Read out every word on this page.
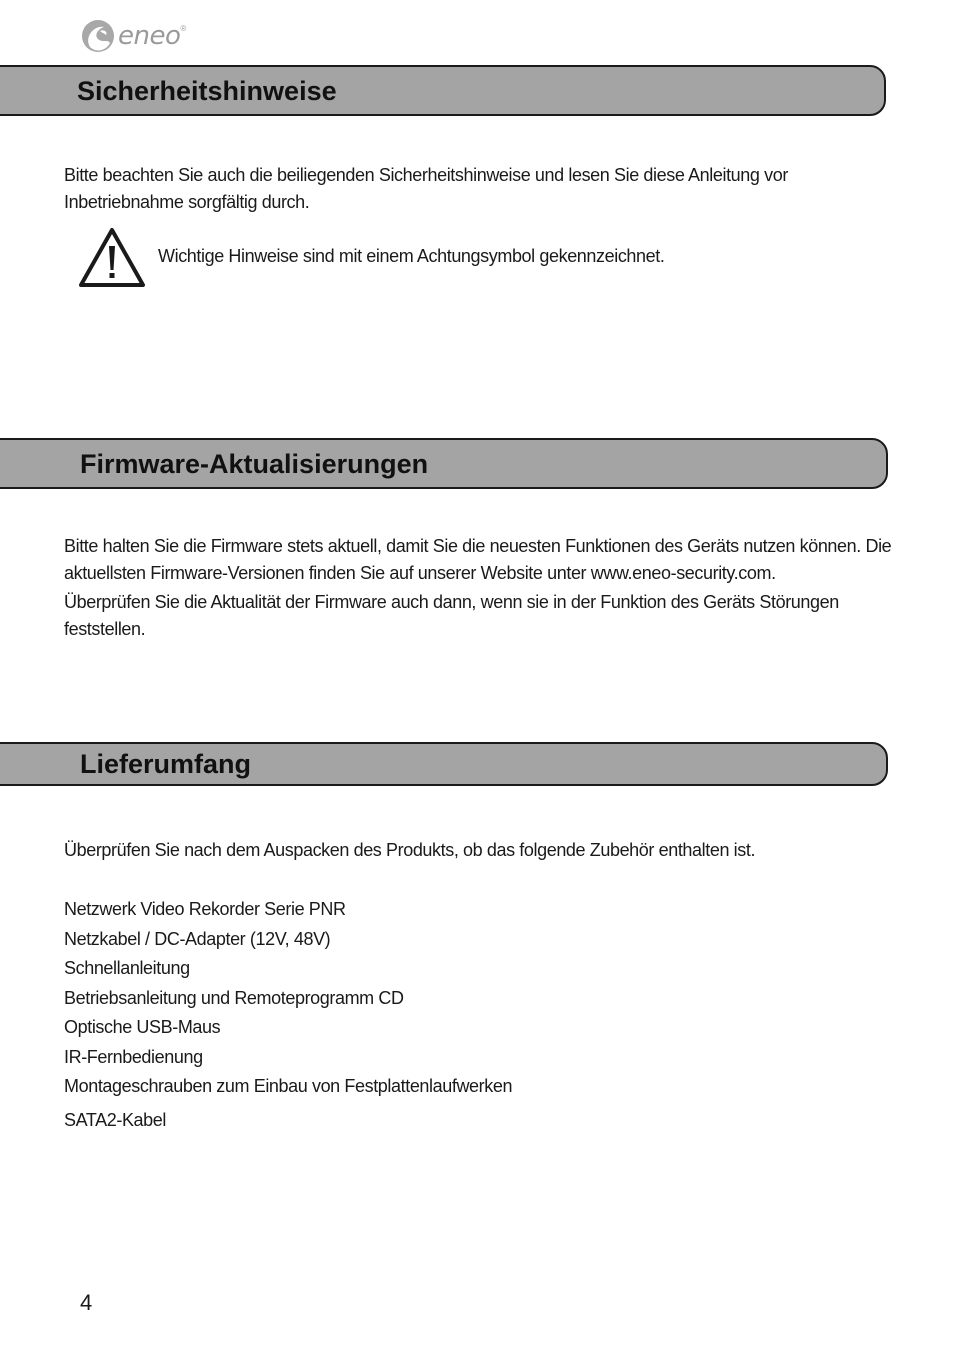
eneo ®
Sicherheitshinweise
Bitte beachten Sie auch die beiliegenden Sicherheitshinweise und lesen Sie diese Anleitung vor Inbetriebnahme sorgfältig durch.
Wichtige Hinweise sind mit einem Achtungsymbol gekennzeichnet.
Firmware-Aktualisierungen
Bitte halten Sie die Firmware stets aktuell, damit Sie die neuesten Funktionen des Geräts nutzen können. Die aktuellsten Firmware-Versionen finden Sie auf unserer Website unter www.eneo-security.com.
Überprüfen Sie die Aktualität der Firmware auch dann, wenn sie in der Funktion des Geräts Störungen feststellen.
Lieferumfang
Überprüfen Sie nach dem Auspacken des Produkts, ob das folgende Zubehör enthalten ist.
Netzwerk Video Rekorder Serie PNR
Netzkabel / DC-Adapter (12V, 48V)
Schnellanleitung
Betriebsanleitung und Remoteprogramm CD
Optische USB-Maus
IR-Fernbedienung
Montageschrauben zum Einbau von Festplattenlaufwerken
SATA2-Kabel
4
